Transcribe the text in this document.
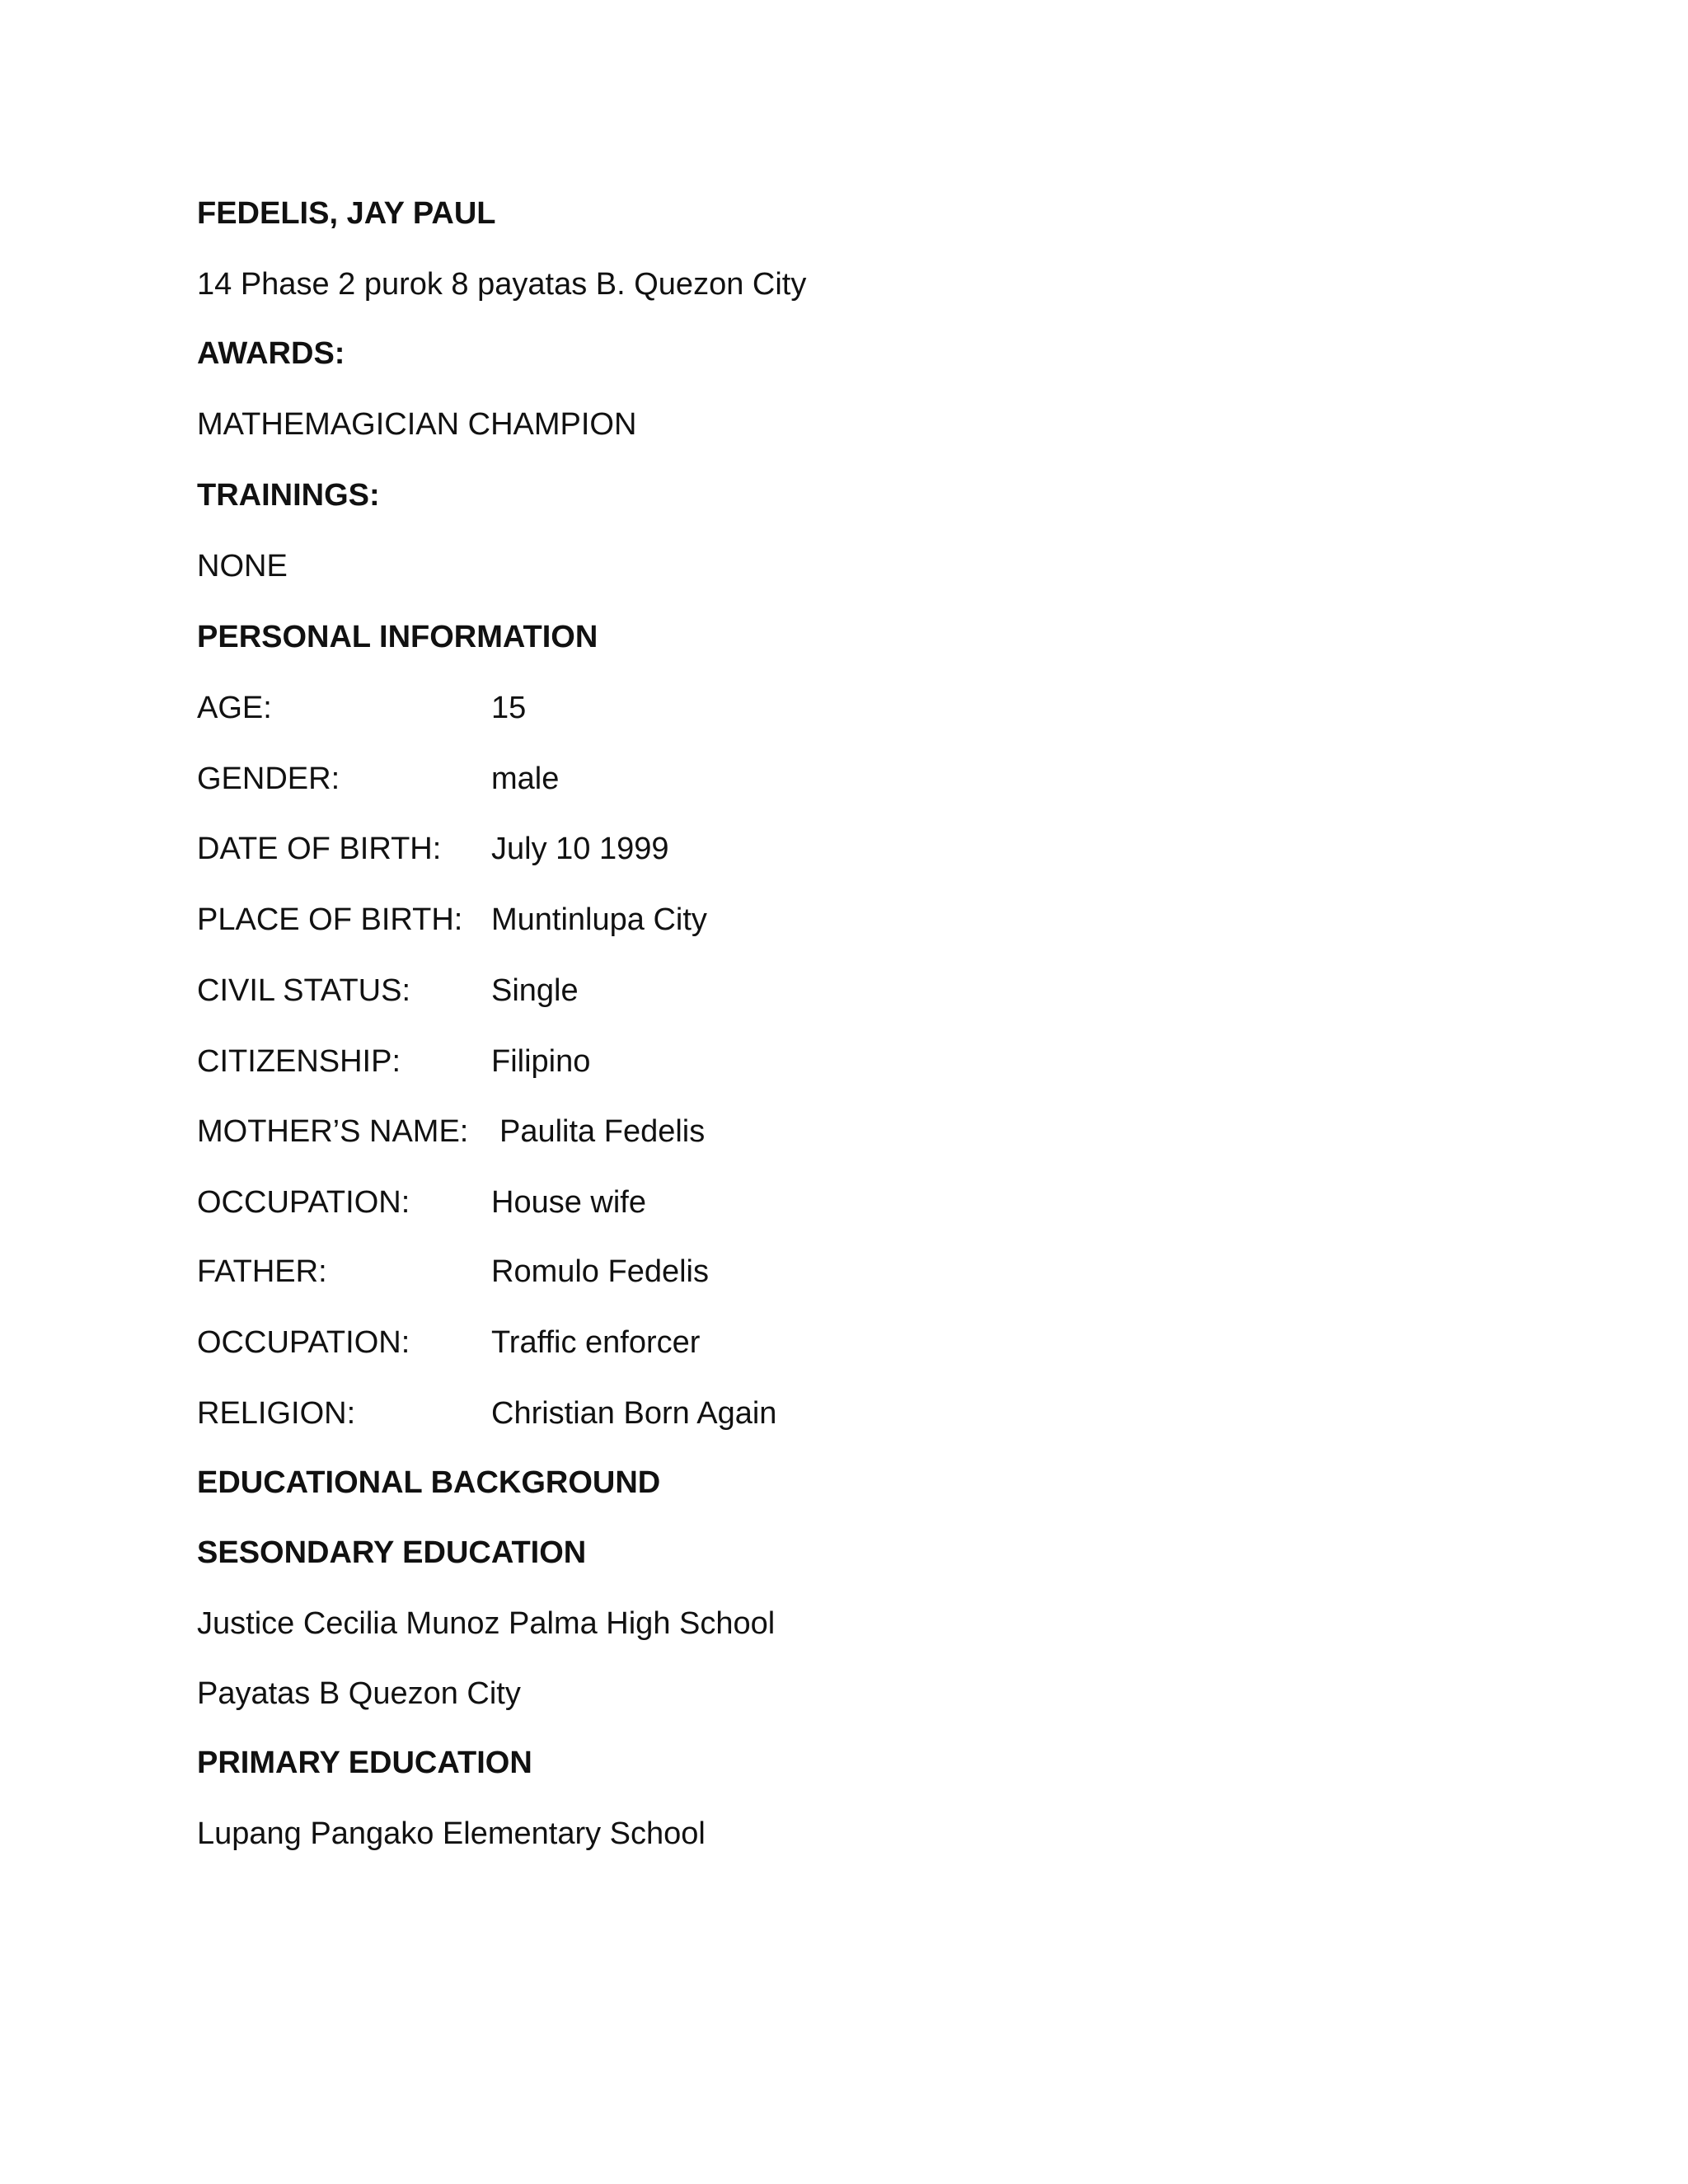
FEDELIS, JAY PAUL
14 Phase 2 purok 8 payatas B. Quezon City
AWARDS:
MATHEMAGICIAN CHAMPION
TRAININGS:
NONE
PERSONAL INFORMATION
AGE:	15
GENDER:	male
DATE OF BIRTH: July 10 1999
PLACE OF BIRTH: Muntinlupa City
CIVIL STATUS:	Single
CITIZENSHIP:	Filipino
MOTHER’S NAME: Paulita Fedelis
OCCUPATION:	House wife
FATHER:	Romulo Fedelis
OCCUPATION:	Traffic enforcer
RELIGION:	Christian Born Again
EDUCATIONAL BACKGROUND
SESONDARY EDUCATION
Justice Cecilia Munoz Palma High School
Payatas B Quezon City
PRIMARY EDUCATION
Lupang Pangako Elementary School
